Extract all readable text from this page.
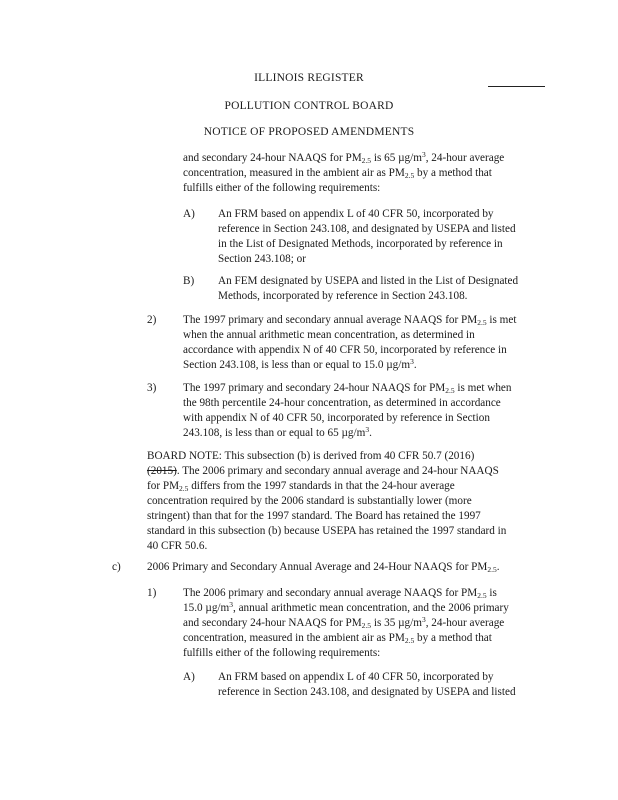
ILLINOIS REGISTER
POLLUTION CONTROL BOARD
NOTICE OF PROPOSED AMENDMENTS
and secondary 24-hour NAAQS for $PM_{2.5}$ is 65 $\mu g/m^3$, 24-hour average
concentration, measured in the ambient air as $PM_{2.5}$ by a method that
fulfills either of the following requirements:
A) An FRM based on appendix L of 40 CFR 50, incorporated by
reference in Section 243.108, and designated by USEPA and listed
in the List of Designated Methods, incorporated by reference in
Section 243.108; or
B) An FEM designated by USEPA and listed in the List of Designated
Methods, incorporated by reference in Section 243.108.
2) The 1997 primary and secondary annual average NAAQS for $PM_{2.5}$ is met
when the annual arithmetic mean concentration, as determined in
accordance with appendix N of 40 CFR 50, incorporated by reference in
Section 243.108, is less than or equal to 15.0 $\mu g/m^3$.
3) The 1997 primary and secondary 24-hour NAAQS for $PM_{2.5}$ is met when
the 98th percentile 24-hour concentration, as determined in accordance
with appendix N of 40 CFR 50, incorporated by reference in Section
243.108, is less than or equal to 65 $\mu g/m^3$.
BOARD NOTE: This subsection (b) is derived from 40 CFR 50.7 (2016)
(2015). The 2006 primary and secondary annual average and 24-hour NAAQS
for $PM_{2.5}$ differs from the 1997 standards in that the 24-hour average
concentration required by the 2006 standard is substantially lower (more
stringent) than that for the 1997 standard. The Board has retained the 1997
standard in this subsection (b) because USEPA has retained the 1997 standard in
40 CFR 50.6.
c) 2006 Primary and Secondary Annual Average and 24-Hour NAAQS for $PM_{2.5}$.
1) The 2006 primary and secondary annual average NAAQS for $PM_{2.5}$ is
15.0 $\mu g/m^3$, annual arithmetic mean concentration, and the 2006 primary
and secondary 24-hour NAAQS for $PM_{2.5}$ is 35 $\mu g/m^3$, 24-hour average
concentration, measured in the ambient air as $PM_{2.5}$ by a method that
fulfills either of the following requirements:
A) An FRM based on appendix L of 40 CFR 50, incorporated by
reference in Section 243.108, and designated by USEPA and listed
